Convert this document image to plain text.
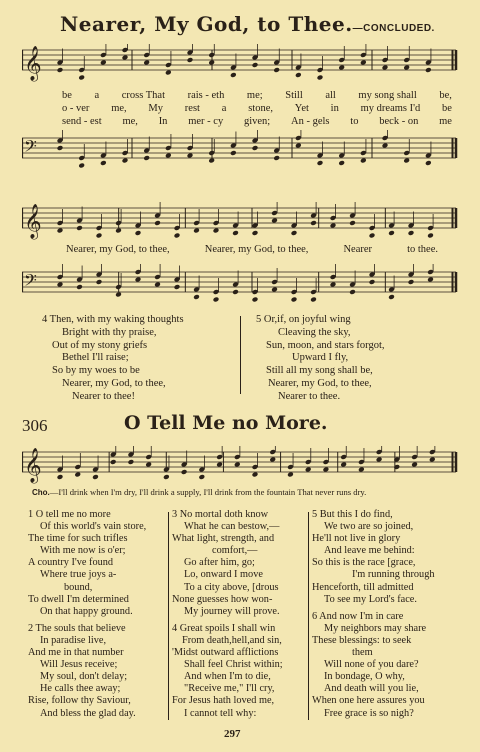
Nearer, My God, to Thee.—CONCLUDED.
𝄞
be a cross That rais - eth me; Still all my song shall be,
o - ver me, My rest a stone, Yet in my dreams I'd be
send - est me, In mer - cy given; An - gels to beck - on me
𝄢
𝄞
Nearer, my God, to thee,	Nearer, my God, to thee,	Nearer	to thee.
𝄢
4 Then, with my waking thoughts
Bright with thy praise,
Out of my stony griefs
Bethel I'll raise;
So by my woes to be
Nearer, my God, to thee,
Nearer to thee!
5 Or,if, on joyful wing
Cleaving the sky,
Sun, moon, and stars forgot,
Upward I fly,
Still all my song shall be,
Nearer, my God, to thee,
Nearer to thee.
306	O Tell Me no More.
𝄞
Cho.—I'll drink when I'm dry, I'll drink a supply, I'll drink from the fountain That never runs dry.
1 O tell me no more
Of this world's vain store,
The time for such trifles
With me now is o'er;
A country I've found
Where true joys a-
bound,
To dwell I'm determined
On that happy ground.
2 The souls that believe
In paradise live,
And me in that number
Will Jesus receive;
My soul, don't delay;
He calls thee away;
Rise, follow thy Saviour,
And bless the glad day.
3 No mortal doth know
What he can bestow,—
What light, strength, and
comfort,—
Go after him, go;
Lo, onward I move
To a city above, [drous
None guesses how won-
My journey will prove.
4 Great spoils I shall win
From death,hell,and sin,
'Midst outward afflictions
Shall feel Christ within;
And when I'm to die,
"Receive me," I'll cry,
For Jesus hath loved me,
I cannot tell why:
5 But this I do find,
We two are so joined,
He'll not live in glory
And leave me behind:
So this is the race [grace,
I'm running through
Henceforth, till admitted
To see my Lord's face.
6 And now I'm in care
My neighbors may share
These blessings: to seek
them
Will none of you dare?
In bondage, O why,
And death will you lie,
When one here assures you
Free grace is so nigh?
297
